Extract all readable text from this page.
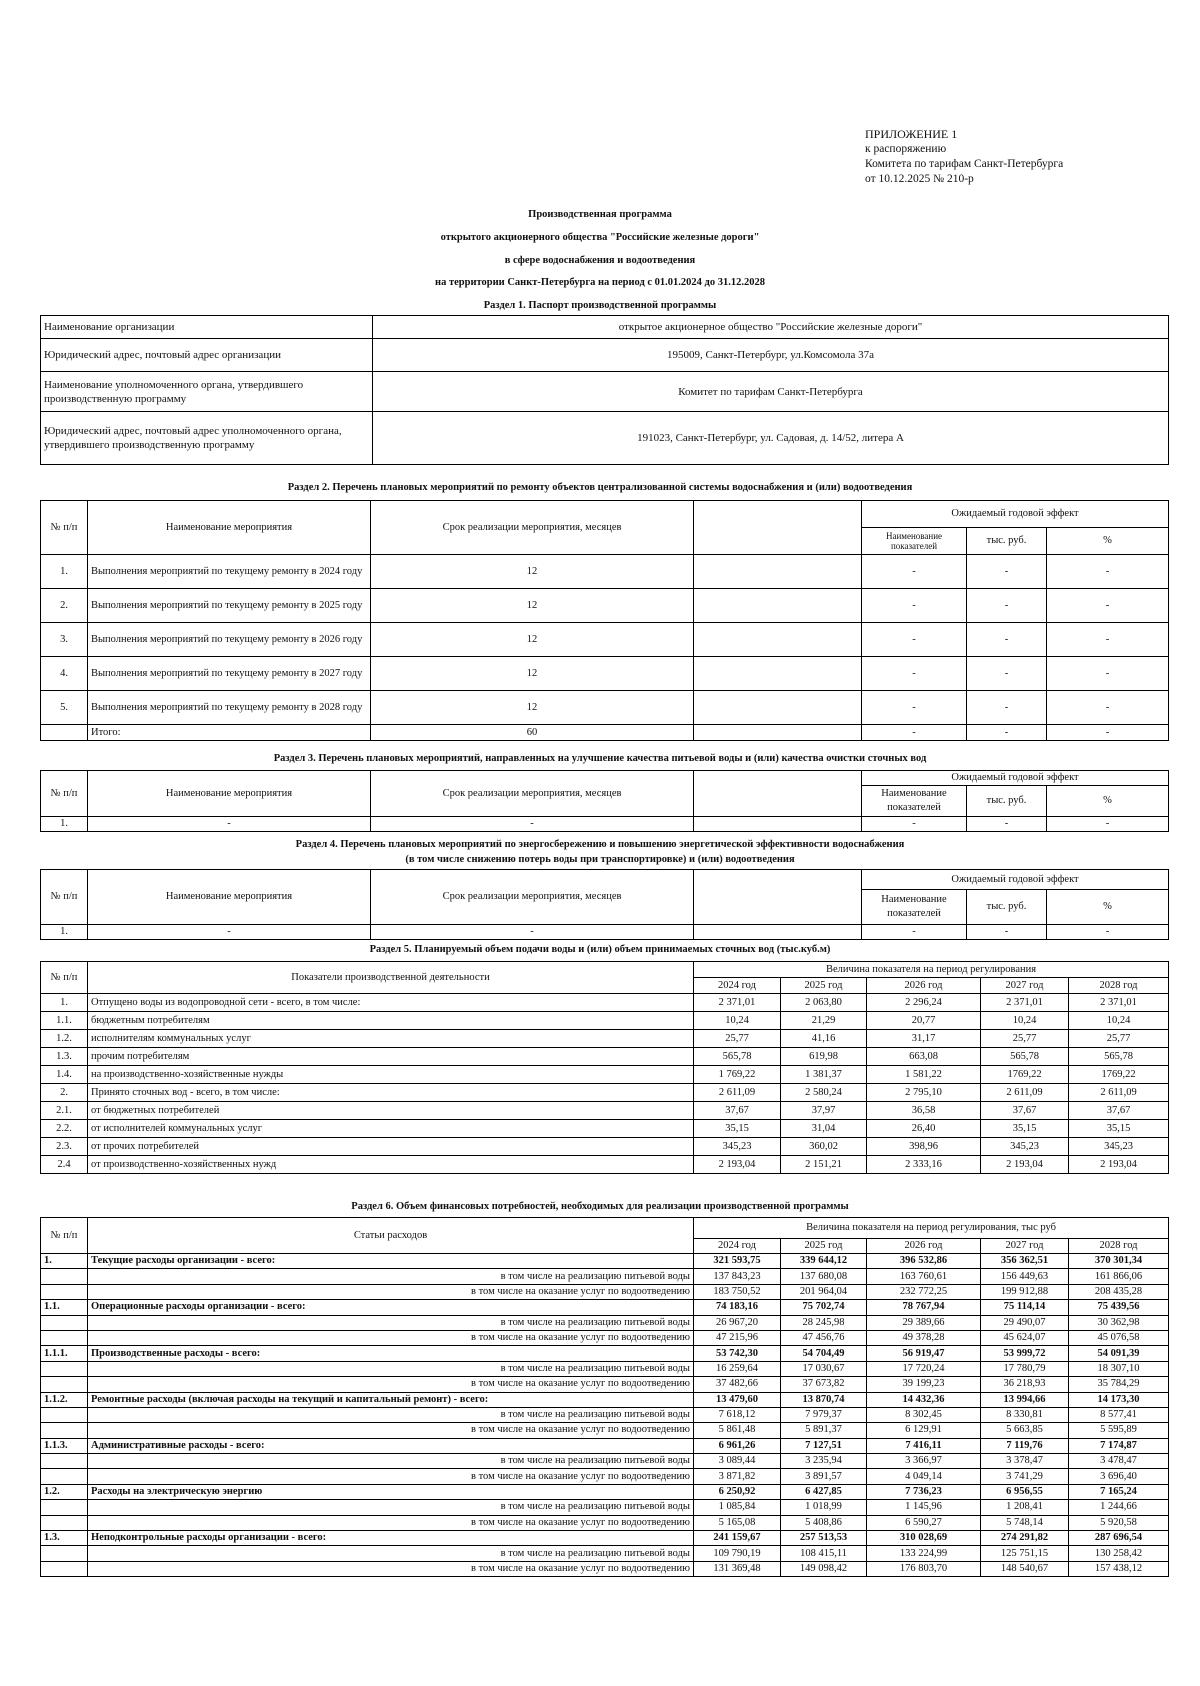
ПРИЛОЖЕНИЕ 1
к распоряжению
Комитета по тарифам Санкт-Петербурга
от 10.12.2025 № 210-р
Производственная программа
открытого акционерного общества "Российские железные дороги"
в сфере водоснабжения и водоотведения
на территории Санкт-Петербурга на период с 01.01.2024 до 31.12.2028
Раздел 1. Паспорт производственной программы
Наименование организации	открытое акционерное общество "Российские железные дороги"
Юридический адрес, почтовый адрес организации	195009, Санкт-Петербург, ул.Комсомола 37а
Наименование уполномоченного органа, утвердившего производственную программу	Комитет по тарифам Санкт-Петербурга
Юридический адрес, почтовый адрес уполномоченного органа, утвердившего производственную программу	191023, Санкт-Петербург, ул. Садовая, д. 14/52, литера А
Раздел 2. Перечень плановых мероприятий по ремонту объектов централизованной системы водоснабжения и (или) водоотведения
№ п/п	Наименование мероприятия	Срок реализации мероприятия, месяцев		Ожидаемый годовой эффект		
				Наименование показателей	тыс. руб.	%
1.	Выполнения мероприятий по текущему ремонту в 2024 году	12		-	-	-
2.	Выполнения мероприятий по текущему ремонту в 2025 году	12		-	-	-
3.	Выполнения мероприятий по текущему ремонту в 2026 году	12		-	-	-
4.	Выполнения мероприятий по текущему ремонту в 2027 году	12		-	-	-
5.	Выполнения мероприятий по текущему ремонту в 2028 году	12		-	-	-
	Итого:	60		-	-	-
Раздел 3. Перечень плановых мероприятий, направленных на улучшение качества питьевой воды и (или) качества очистки сточных вод
№ п/п	Наименование мероприятия	Срок реализации мероприятия, месяцев		Ожидаемый годовой эффект		
				Наименование показателей	тыс. руб.	%
1.	-	-		-	-	-
Раздел 4. Перечень плановых мероприятий по энергосбережению и повышению энергетической эффективности водоснабжения
(в том числе снижению потерь воды при транспортировке) и (или) водоотведения
№ п/п	Наименование мероприятия	Срок реализации мероприятия, месяцев		Ожидаемый годовой эффект		
				Наименование показателей	тыс. руб.	%
1.	-	-		-	-	-
Раздел 5. Планируемый объем подачи воды и (или) объем принимаемых сточных вод (тыс.куб.м)
№ п/п	Показатели производственной деятельности	Величина показателя на период регулирования				
		2024 год	2025 год	2026 год	2027 год	2028 год
1.	Отпущено воды из водопроводной сети - всего, в том числе:	2 371,01	2 063,80	2 296,24	2 371,01	2 371,01
1.1.	бюджетным потребителям	10,24	21,29	20,77	10,24	10,24
1.2.	исполнителям коммунальных услуг	25,77	41,16	31,17	25,77	25,77
1.3.	прочим потребителям	565,78	619,98	663,08	565,78	565,78
1.4.	на производственно-хозяйственные нужды	1 769,22	1 381,37	1 581,22	1769,22	1769,22
2.	Принято сточных вод - всего, в том числе:	2 611,09	2 580,24	2 795,10	2 611,09	2 611,09
2.1.	от бюджетных потребителей	37,67	37,97	36,58	37,67	37,67
2.2.	от исполнителей коммунальных услуг	35,15	31,04	26,40	35,15	35,15
2.3.	от прочих потребителей	345,23	360,02	398,96	345,23	345,23
2.4	от производственно-хозяйственных нужд	2 193,04	2 151,21	2 333,16	2 193,04	2 193,04
Раздел 6. Объем финансовых потребностей, необходимых для реализации производственной программы
№ п/п	Статьи расходов	Величина показателя на период регулирования, тыс руб				
		2024 год	2025 год	2026 год	2027 год	2028 год
1.	Текущие расходы организации - всего:	321 593,75	339 644,12	396 532,86	356 362,51	370 301,34
	в том числе на реализацию питьевой воды	137 843,23	137 680,08	163 760,61	156 449,63	161 866,06
	в том числе на оказание услуг по водоотведению	183 750,52	201 964,04	232 772,25	199 912,88	208 435,28
1.1.	Операционные расходы организации - всего:	74 183,16	75 702,74	78 767,94	75 114,14	75 439,56
	в том числе на реализацию питьевой воды	26 967,20	28 245,98	29 389,66	29 490,07	30 362,98
	в том числе на оказание услуг по водоотведению	47 215,96	47 456,76	49 378,28	45 624,07	45 076,58
1.1.1.	Производственные расходы - всего:	53 742,30	54 704,49	56 919,47	53 999,72	54 091,39
	в том числе на реализацию питьевой воды	16 259,64	17 030,67	17 720,24	17 780,79	18 307,10
	в том числе на оказание услуг по водоотведению	37 482,66	37 673,82	39 199,23	36 218,93	35 784,29
1.1.2.	Ремонтные расходы (включая расходы на текущий и капитальный ремонт) - всего:	13 479,60	13 870,74	14 432,36	13 994,66	14 173,30
	в том числе на реализацию питьевой воды	7 618,12	7 979,37	8 302,45	8 330,81	8 577,41
	в том числе на оказание услуг по водоотведению	5 861,48	5 891,37	6 129,91	5 663,85	5 595,89
1.1.3.	Административные расходы - всего:	6 961,26	7 127,51	7 416,11	7 119,76	7 174,87
	в том числе на реализацию питьевой воды	3 089,44	3 235,94	3 366,97	3 378,47	3 478,47
	в том числе на оказание услуг по водоотведению	3 871,82	3 891,57	4 049,14	3 741,29	3 696,40
1.2.	Расходы на электрическую энергию	6 250,92	6 427,85	7 736,23	6 956,55	7 165,24
	в том числе на реализацию питьевой воды	1 085,84	1 018,99	1 145,96	1 208,41	1 244,66
	в том числе на оказание услуг по водоотведению	5 165,08	5 408,86	6 590,27	5 748,14	5 920,58
1.3.	Неподконтрольные расходы организации - всего:	241 159,67	257 513,53	310 028,69	274 291,82	287 696,54
	в том числе на реализацию питьевой воды	109 790,19	108 415,11	133 224,99	125 751,15	130 258,42
	в том числе на оказание услуг по водоотведению	131 369,48	149 098,42	176 803,70	148 540,67	157 438,12
